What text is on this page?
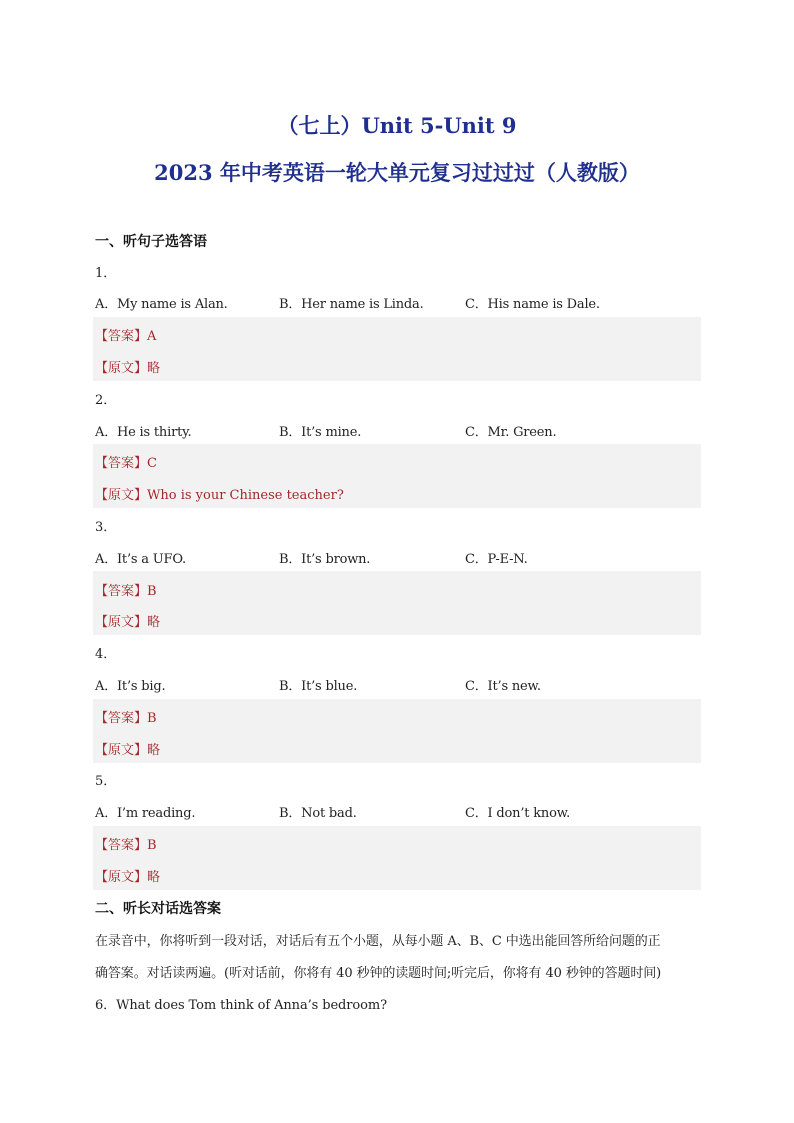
（七上）Unit 5-Unit 9
2023 年中考英语一轮大单元复习过过过（人教版）
一、听句子选答语
1．
A．My name is Alan.	B．Her name is Linda.	C．His name is Dale.
【答案】A
【原文】略
2．
A．He is thirty.	B．It’s mine.	C．Mr. Green.
【答案】C
【原文】Who is your Chinese teacher?
3．
A．It’s a UFO.	B．It’s brown.	C．P-E-N.
【答案】B
【原文】略
4．
A．It’s big.	B．It’s blue.	C．It’s new.
【答案】B
【原文】略
5．
A．I’m reading.	B．Not bad.	C．I don’t know.
【答案】B
【原文】略
二、听长对话选答案
在录音中，你将听到一段对话，对话后有五个小题，从每小题 A、B、C 中选出能回答所给问题的正
确答案。对话读两遍。(听对话前，你将有 40 秒钟的读题时间;听完后，你将有 40 秒钟的答题时间)
6．What does Tom think of Anna’s bedroom?
